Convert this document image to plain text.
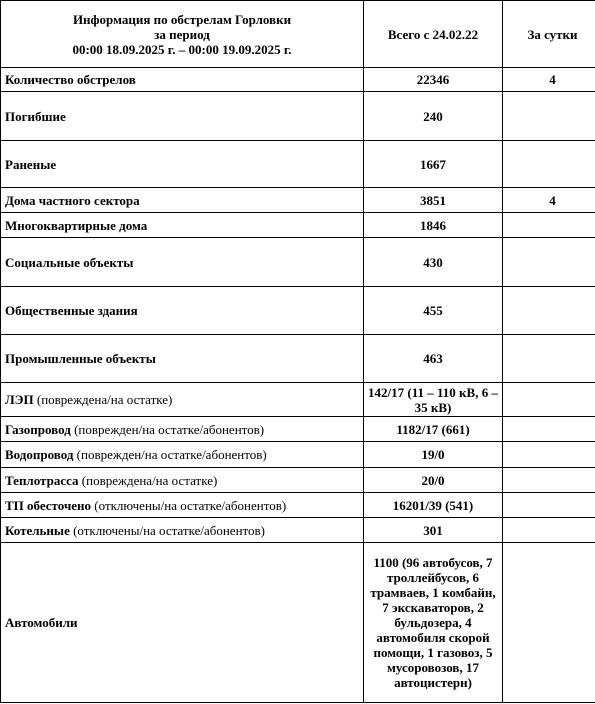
Информация по обстрелам Горловки
за период
00:00 18.09.2025 г. – 00:00 19.09.2025 г.	Всего с 24.02.22	За сутки
Количество обстрелов	22346	4
Погибшие	240	
Раненые	1667	
Дома частного сектора	3851	4
Многоквартирные дома	1846	
Социальные объекты	430	
Общественные здания	455	
Промышленные объекты	463	
ЛЭП (повреждена/на остатке)	142/17 (11 – 110 кВ, 6 – 35 кВ)	
Газопровод (поврежден/на остатке/абонентов)	1182/17 (661)	
Водопровод (поврежден/на остатке/абонентов)	19/0	
Теплотрасса (повреждена/на остатке)	20/0	
ТП обесточено (отключены/на остатке/абонентов)	16201/39 (541)	
Котельные (отключены/на остатке/абонентов)	301	
Автомобили	1100 (96 автобусов, 7 троллейбусов, 6 трамваев, 1 комбайн, 7 экскаваторов, 2 бульдозера, 4 автомобиля скорой помощи, 1 газовоз, 5 мусоровозов, 17 автоцистерн)	
